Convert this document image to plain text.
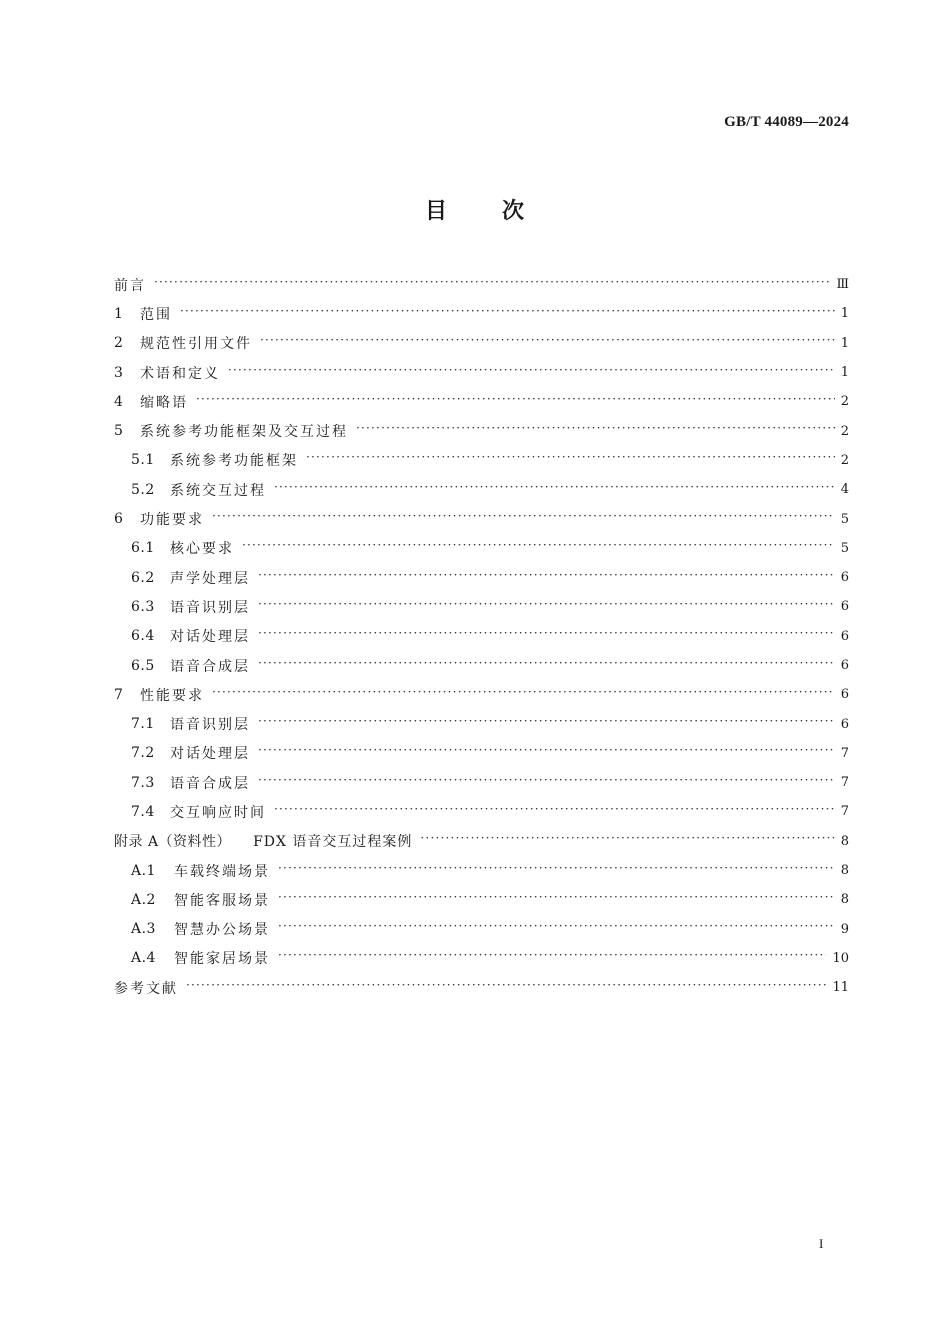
GB/T 44089—2024
目 次
前言 ·····	Ⅲ
1	范围 ·····	1
2	规范性引用文件 ·····	1
3	术语和定义 ·····	1
4	缩略语 ·····	2
5	系统参考功能框架及交互过程 ·····	2
5.1	系统参考功能框架 ·····	2
5.2	系统交互过程 ·····	4
6	功能要求 ·····	5
6.1	核心要求 ·····	5
6.2	声学处理层 ·····	6
6.3	语音识别层 ·····	6
6.4	对话处理层 ·····	6
6.5	语音合成层 ·····	6
7	性能要求 ·····	6
7.1	语音识别层 ·····	6
7.2	对话处理层 ·····	7
7.3	语音合成层 ·····	7
7.4	交互响应时间 ·····	7
附录 A（资料性） FDX 语音交互过程案例 ·····	8
A.1	车载终端场景 ·····	8
A.2	智能客服场景 ·····	8
A.3	智慧办公场景 ·····	9
A.4	智能家居场景 ·····	10
参考文献 ·····	11
I
